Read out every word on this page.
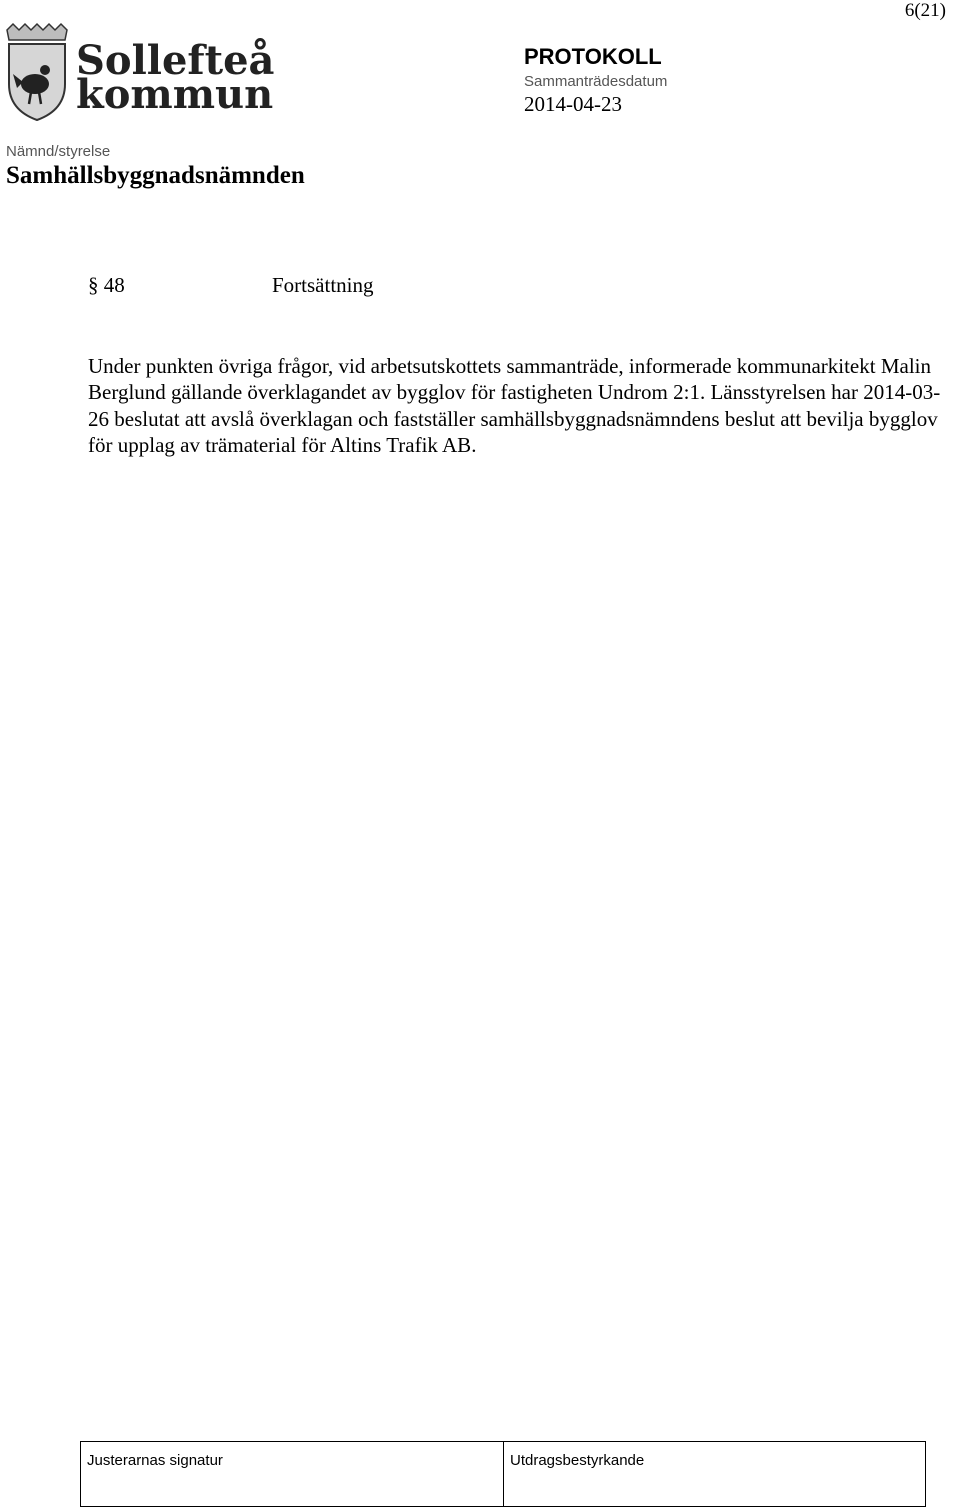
6(21)
Sollefteå
kommun
PROTOKOLL
Sammanträdesdatum
2014-04-23
Nämnd/styrelse
Samhällsbyggnadsnämnden
§ 48	Fortsättning

Under punkten övriga frågor, vid arbetsutskottets sammanträde, informerade kommunarkitekt Malin Berglund gällande överklagandet av bygglov för fastigheten Undrom 2:1. Länsstyrelsen har 2014-03-26 beslutat att avslå överklagan och fastställer samhällsbyggnadsnämndens beslut att bevilja bygglov för upplag av trämaterial för Altins Trafik AB.

Justerarnas signatur	Utdragsbestyrkande
